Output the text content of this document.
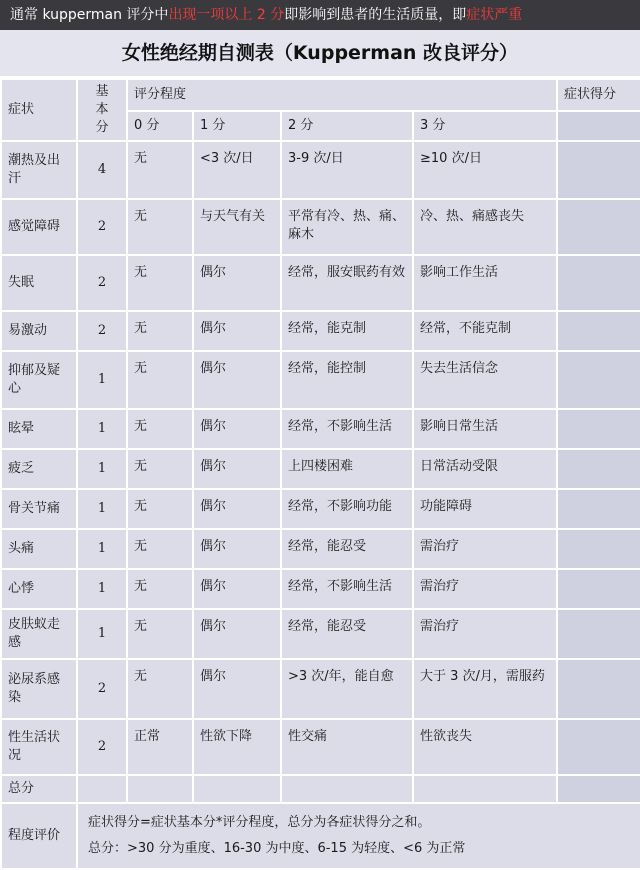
通常 kupperman 评分中出现一项以上 2 分即影响到患者的生活质量，即症状严重
女性绝经期自测表（Kupperman 改良评分）
症状	基本分	评分程度				症状得分
		0 分	1 分	2 分	3 分	
潮热及出汗	4	无	<3 次/日	3-9 次/日	≥10 次/日	
感觉障碍	2	无	与天气有关	平常有冷、热、痛、麻木	冷、热、痛感丧失	
失眠	2	无	偶尔	经常，服安眠药有效	影响工作生活	
易激动	2	无	偶尔	经常，能克制	经常，不能克制	
抑郁及疑心	1	无	偶尔	经常，能控制	失去生活信念	
眩晕	1	无	偶尔	经常，不影响生活	影响日常生活	
疲乏	1	无	偶尔	上四楼困难	日常活动受限	
骨关节痛	1	无	偶尔	经常，不影响功能	功能障碍	
头痛	1	无	偶尔	经常，能忍受	需治疗	
心悸	1	无	偶尔	经常，不影响生活	需治疗	
皮肤蚁走感	1	无	偶尔	经常，能忍受	需治疗	
泌尿系感染	2	无	偶尔	>3 次/年，能自愈	大于 3 次/月，需服药	
性生活状况	2	正常	性欲下降	性交痛	性欲丧失	
总分						
程度评价	症状得分=症状基本分*评分程度，总分为各症状得分之和。
总分：>30 分为重度、16-30 为中度、6-15 为轻度、<6 为正常					
